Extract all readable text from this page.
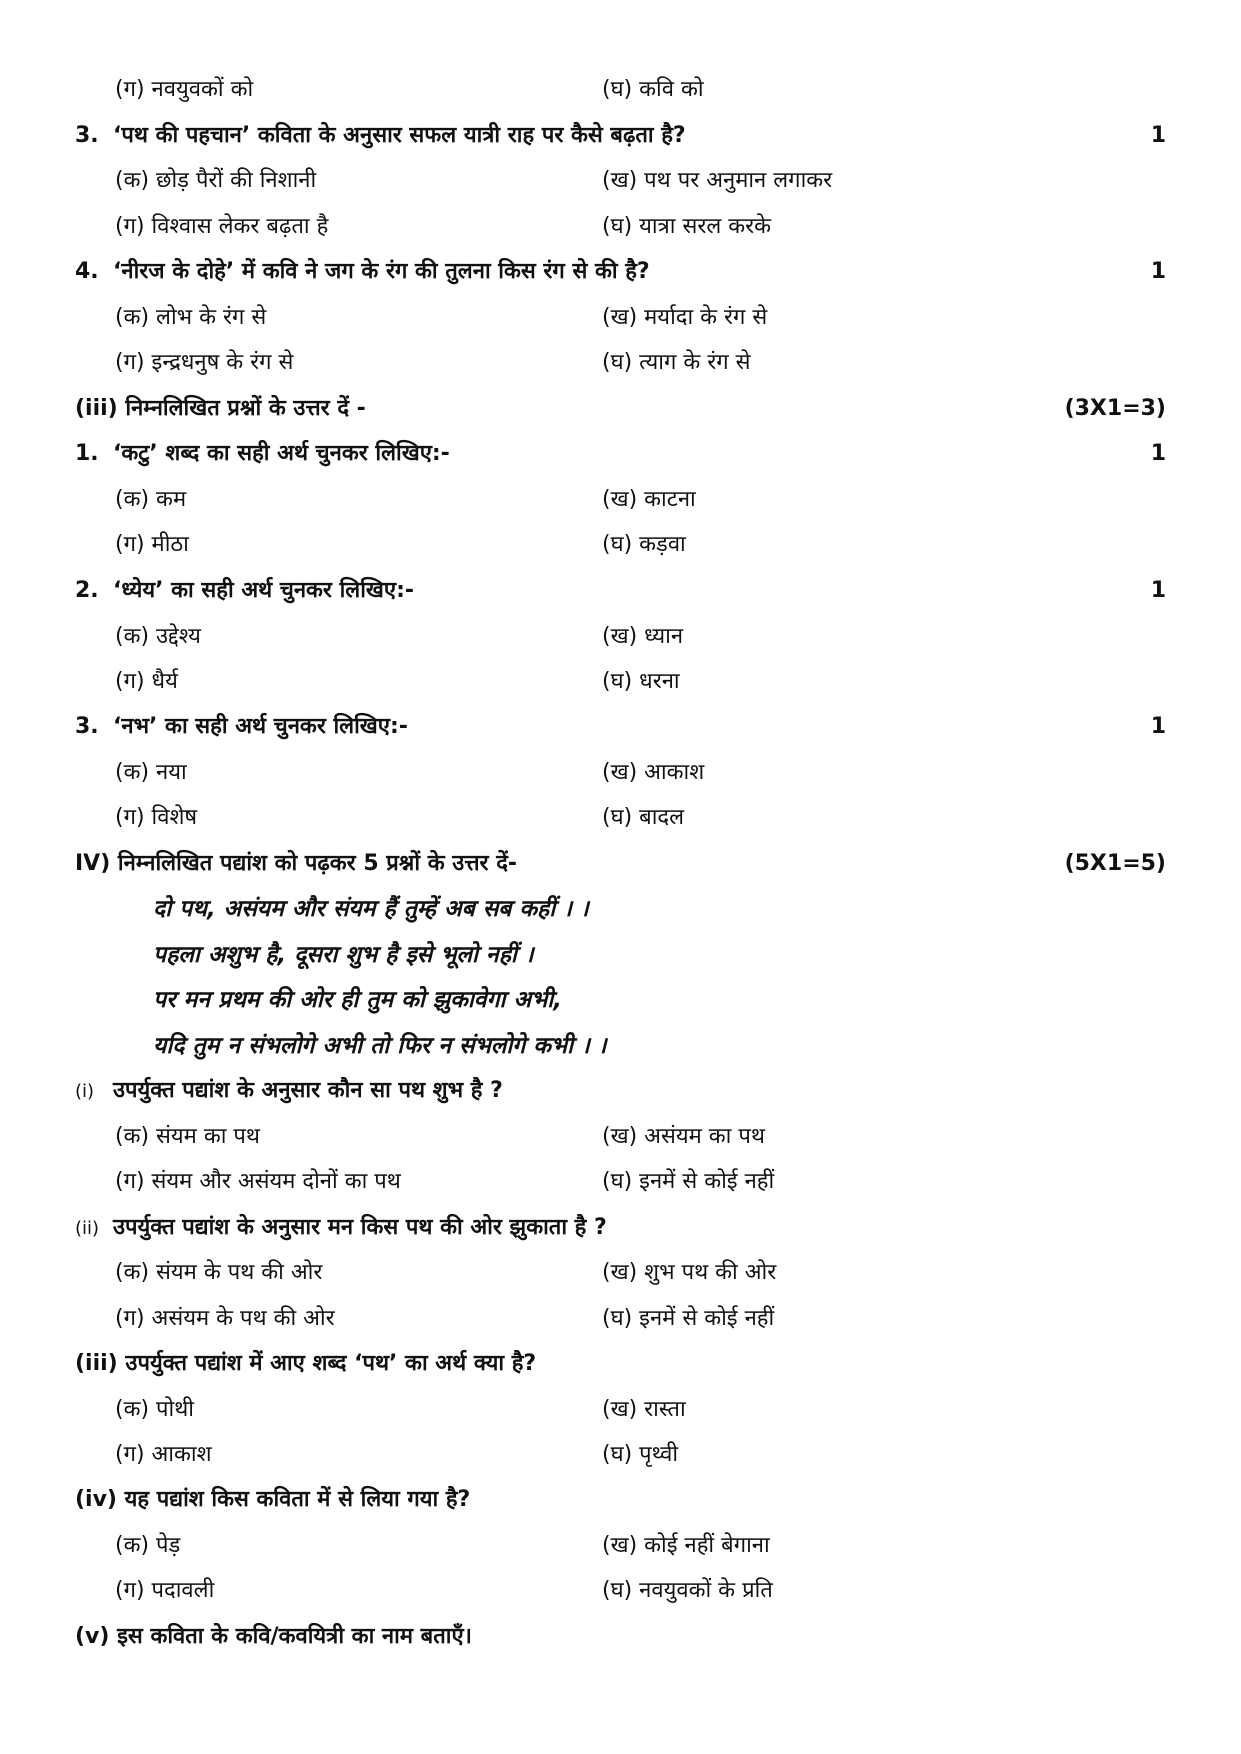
(ग) नवयुवकों को	(घ) कवि को
3. ‘पथ की पहचान’ कविता के अनुसार सफल यात्री राह पर कैसे बढ़ता है?	1
(क) छोड़ पैरों की निशानी	(ख) पथ पर अनुमान लगाकर
(ग) विश्वास लेकर बढ़ता है	(घ) यात्रा सरल करके
4. ‘नीरज के दोहे’ में कवि ने जग के रंग की तुलना किस रंग से की है?	1
(क) लोभ के रंग से	(ख) मर्यादा के रंग से
(ग) इन्द्रधनुष के रंग से	(घ) त्याग के रंग से
(iii) निम्नलिखित प्रश्नों के उत्तर दें -	(3X1=3)
1. ‘कटु’ शब्द का सही अर्थ चुनकर लिखिए:-	1
(क) कम	(ख) काटना
(ग) मीठा	(घ) कड़वा
2. ‘ध्येय’ का सही अर्थ चुनकर लिखिए:-	1
(क) उद्देश्य	(ख) ध्यान
(ग) धैर्य	(घ) धरना
3. ‘नभ’ का सही अर्थ चुनकर लिखिए:-	1
(क) नया	(ख) आकाश
(ग) विशेष	(घ) बादल
IV) निम्नलिखित पद्यांश को पढ़कर 5 प्रश्नों के उत्तर दें-	(5X1=5)
दो पथ, असंयम और संयम हैं तुम्हें अब सब कहीं । ।
पहला अशुभ है, दूसरा शुभ है इसे भूलो नहीं ।
पर मन प्रथम की ओर ही तुम को झुकावेगा अभी,
यदि तुम न संभलोगे अभी तो फिर न संभलोगे कभी । ।
(i) उपर्युक्त पद्यांश के अनुसार कौन सा पथ शुभ है ?
(क) संयम का पथ	(ख) असंयम का पथ
(ग) संयम और असंयम दोनों का पथ	(घ) इनमें से कोई नहीं
(ii) उपर्युक्त पद्यांश के अनुसार मन किस पथ की ओर झुकाता है ?
(क) संयम के पथ की ओर	(ख) शुभ पथ की ओर
(ग) असंयम के पथ की ओर	(घ) इनमें से कोई नहीं
(iii) उपर्युक्त पद्यांश में आए शब्द ‘पथ’ का अर्थ क्या है?
(क) पोथी	(ख) रास्ता
(ग) आकाश	(घ) पृथ्वी
(iv) यह पद्यांश किस कविता में से लिया गया है?
(क) पेड़	(ख) कोई नहीं बेगाना
(ग) पदावली	(घ) नवयुवकों के प्रति
(v) इस कविता के कवि/कवयित्री का नाम बताएँ।
